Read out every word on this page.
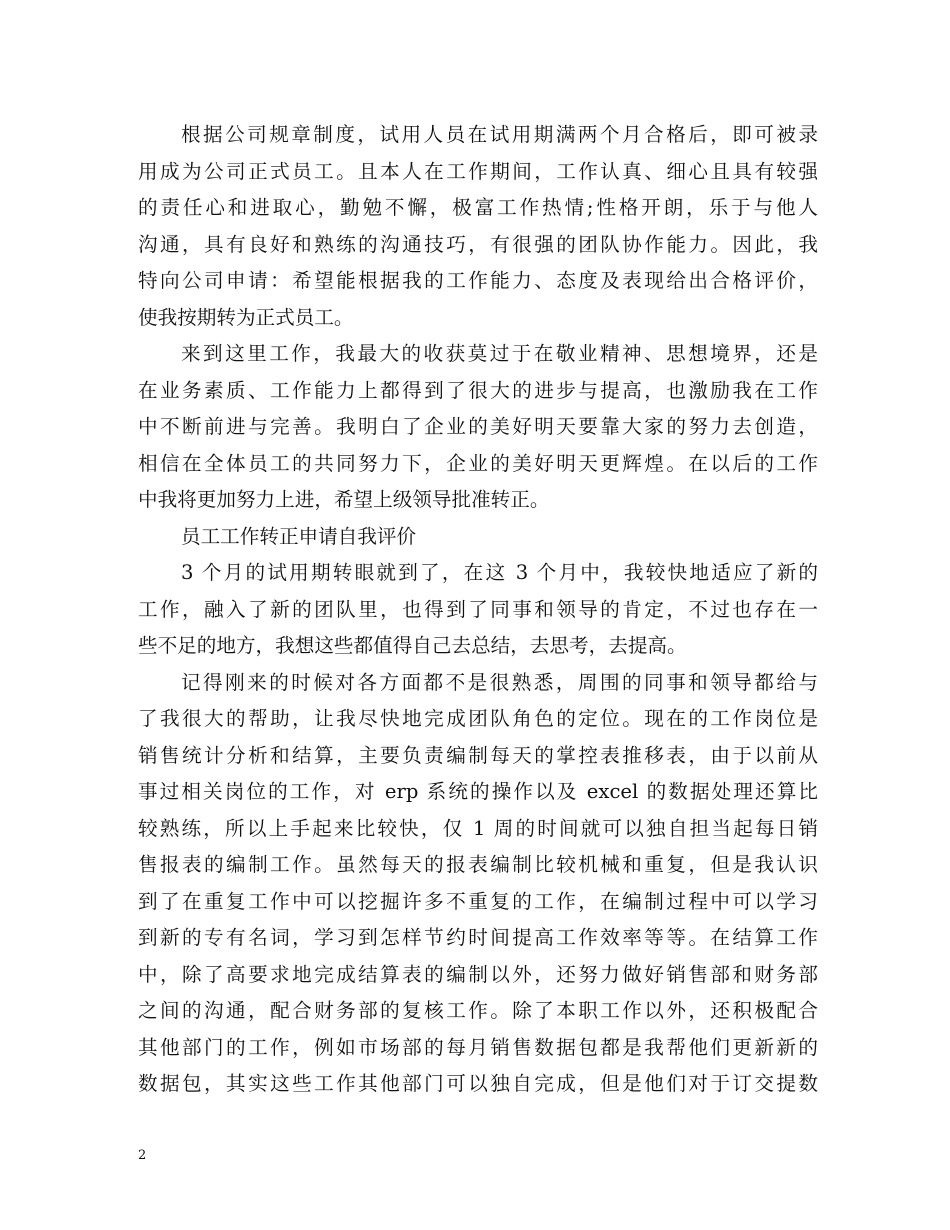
根据公司规章制度，试用人员在试用期满两个月合格后，即可被录
用成为公司正式员工。且本人在工作期间，工作认真、细心且具有较强
的责任心和进取心，勤勉不懈，极富工作热情;性格开朗，乐于与他人
沟通，具有良好和熟练的沟通技巧，有很强的团队协作能力。因此，我
特向公司申请：希望能根据我的工作能力、态度及表现给出合格评价，
使我按期转为正式员工。
来到这里工作，我最大的收获莫过于在敬业精神、思想境界，还是
在业务素质、工作能力上都得到了很大的进步与提高，也激励我在工作
中不断前进与完善。我明白了企业的美好明天要靠大家的努力去创造，
相信在全体员工的共同努力下，企业的美好明天更辉煌。在以后的工作
中我将更加努力上进，希望上级领导批准转正。
员工工作转正申请自我评价
3 个月的试用期转眼就到了，在这 3 个月中，我较快地适应了新的
工作，融入了新的团队里，也得到了同事和领导的肯定，不过也存在一
些不足的地方，我想这些都值得自己去总结，去思考，去提高。
记得刚来的时候对各方面都不是很熟悉，周围的同事和领导都给与
了我很大的帮助，让我尽快地完成团队角色的定位。现在的工作岗位是
销售统计分析和结算，主要负责编制每天的掌控表推移表，由于以前从
事过相关岗位的工作，对 erp 系统的操作以及 excel 的数据处理还算比
较熟练，所以上手起来比较快，仅 1 周的时间就可以独自担当起每日销
售报表的编制工作。虽然每天的报表编制比较机械和重复，但是我认识
到了在重复工作中可以挖掘许多不重复的工作，在编制过程中可以学习
到新的专有名词，学习到怎样节约时间提高工作效率等等。在结算工作
中，除了高要求地完成结算表的编制以外，还努力做好销售部和财务部
之间的沟通，配合财务部的复核工作。除了本职工作以外，还积极配合
其他部门的工作，例如市场部的每月销售数据包都是我帮他们更新新的
数据包，其实这些工作其他部门可以独自完成，但是他们对于订交提数
2
